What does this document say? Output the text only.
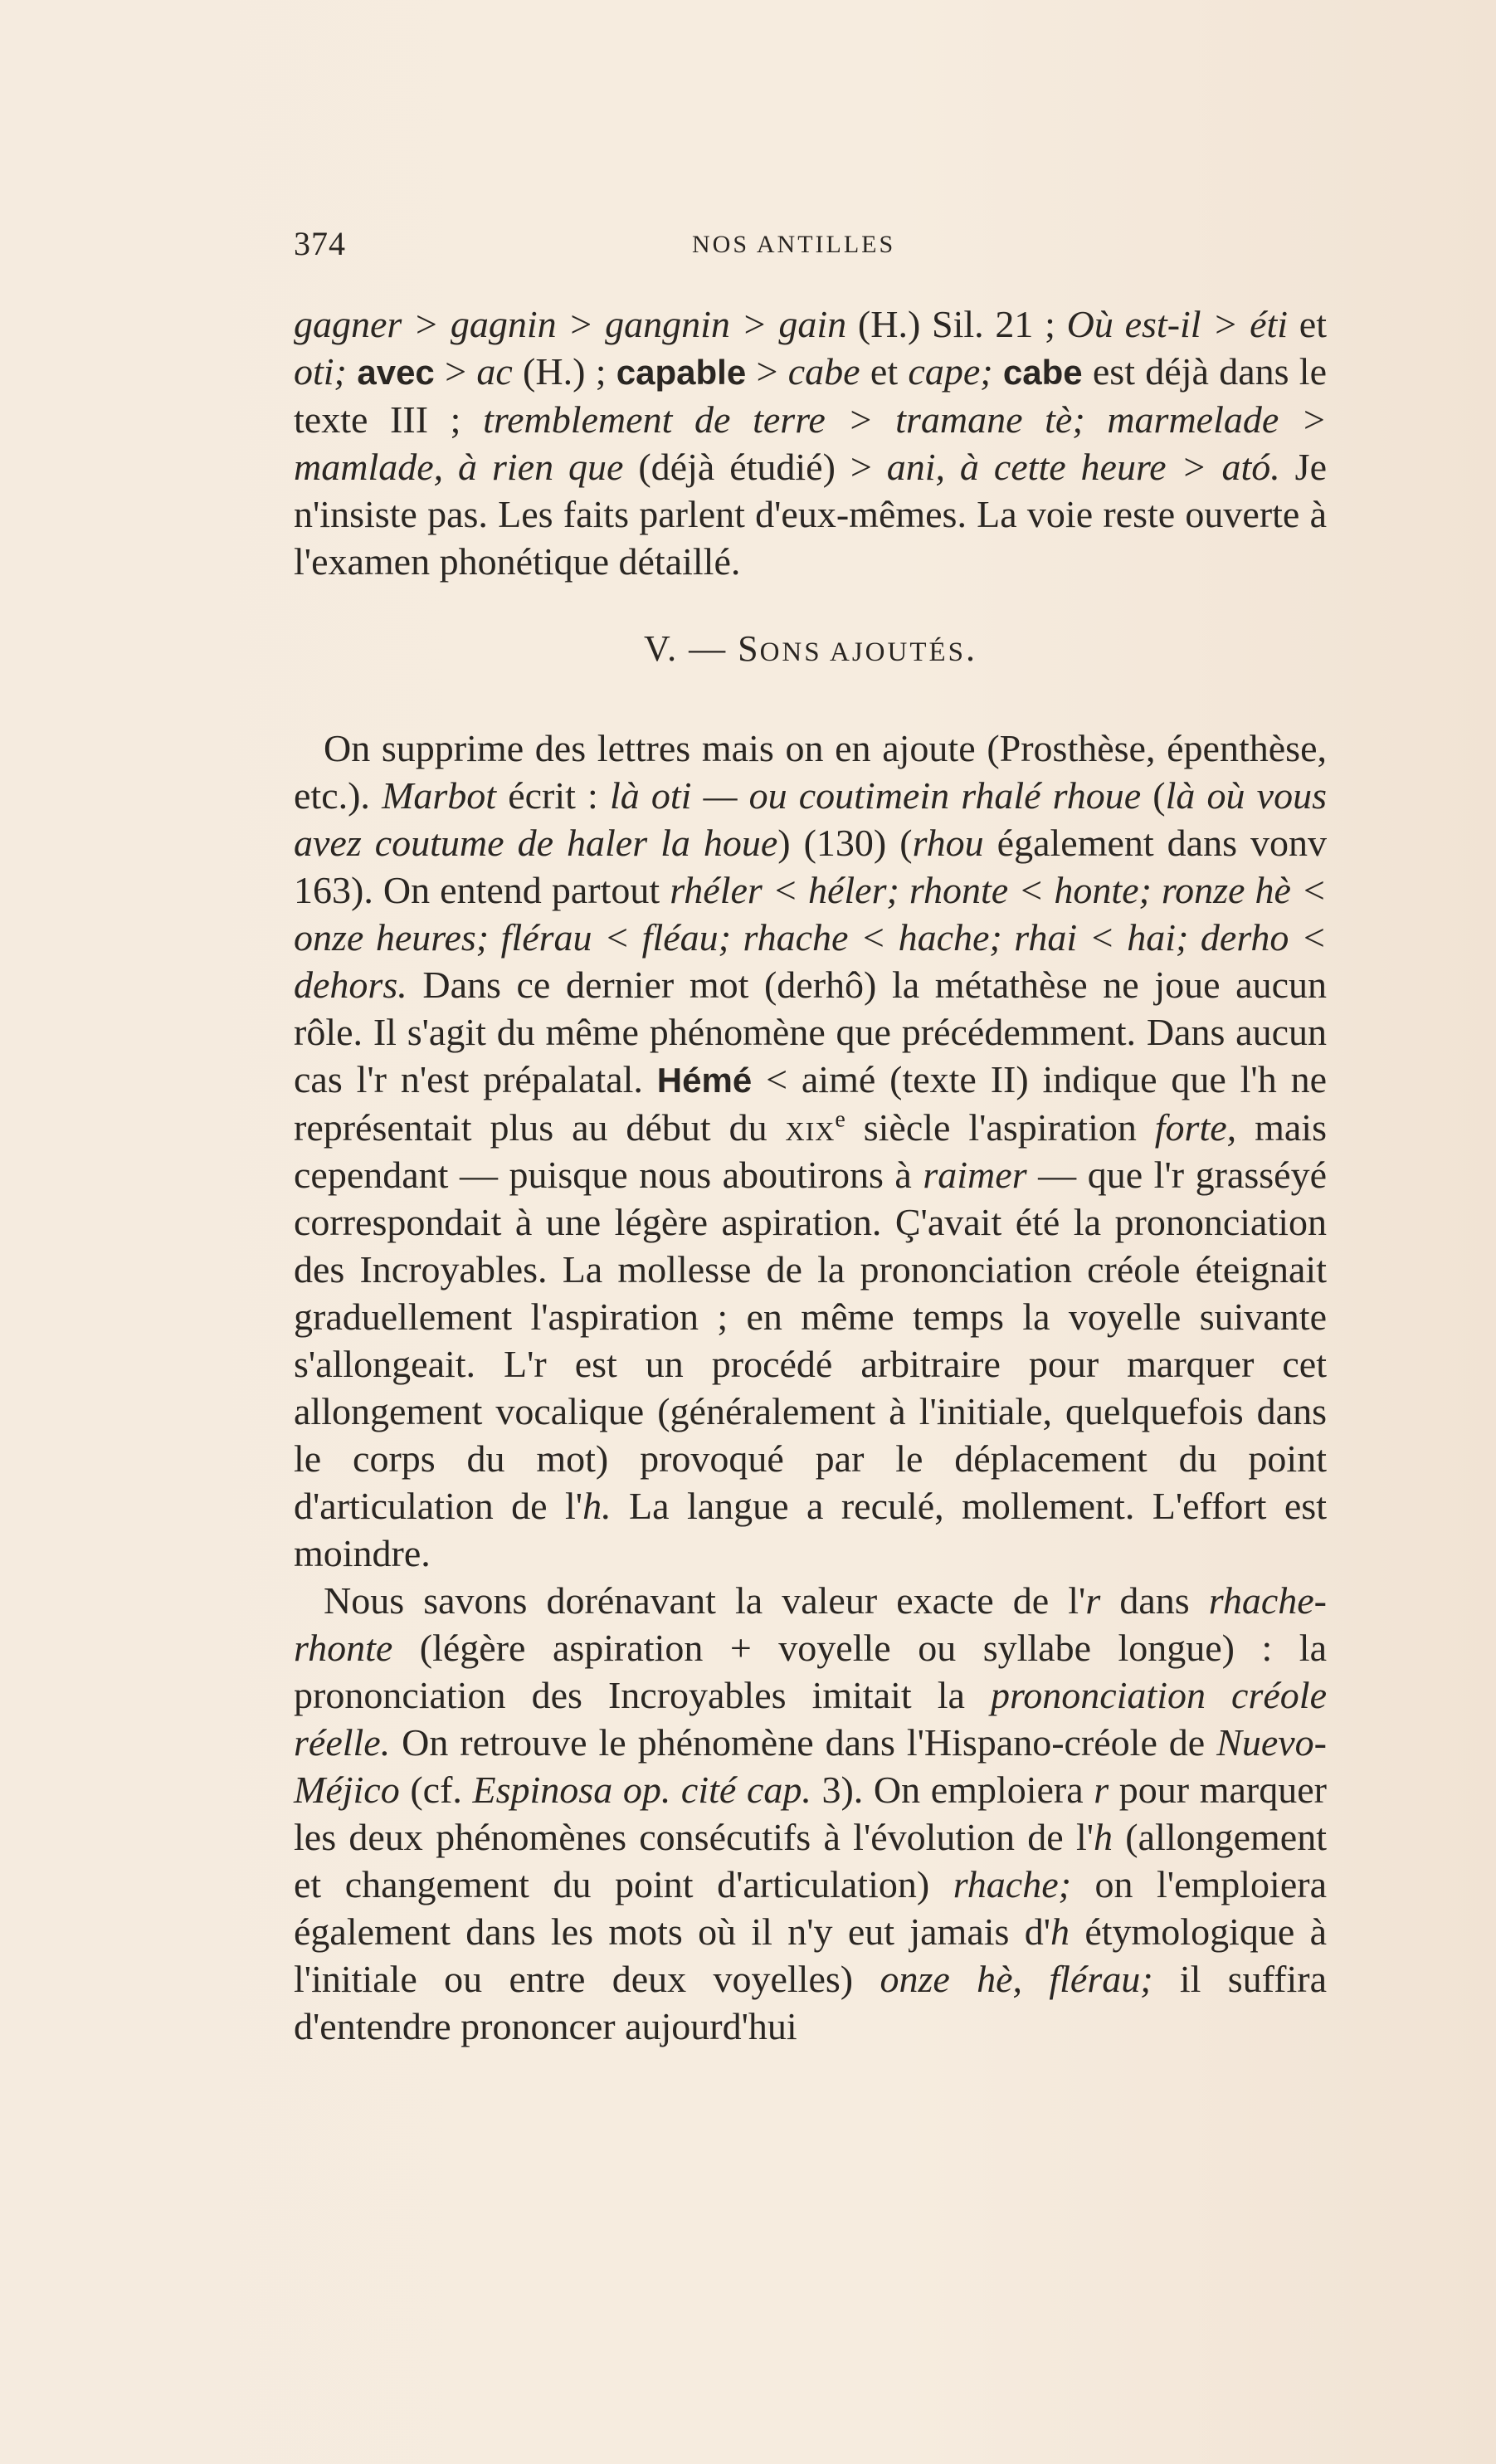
374	NOS ANTILLES

gagner > gagnin > gangnin > gain (H.) Sil. 21 ; Où est-il > éti et oti; avec > ac (H.) ; capable > cabe et cape; cabe est déjà dans le texte III ; tremblement de terre > tramane tè; marmelade > mamlade, à rien que (déjà étudié) > ani, à cette heure > ató. Je n'insiste pas. Les faits parlent d'eux-mêmes. La voie reste ouverte à l'examen phonétique détaillé.

V. — SONS AJOUTÉS.

On supprime des lettres mais on en ajoute (Prosthèse, épenthèse, etc.). Marbot écrit : là oti — ou coutimein rhalé rhoue (là où vous avez coutume de haler la houe) (130) (rhou également dans vonv 163). On entend partout rhéler < héler; rhonte < honte; ronze hè < onze heures; flérau < fléau; rhache < hache; rhai < hai; derho < dehors. Dans ce dernier mot (derhô) la métathèse ne joue aucun rôle. Il s'agit du même phénomène que précédemment. Dans aucun cas l'r n'est prépalatal. Hémé < aimé (texte II) indique que l'h ne représentait plus au début du xix$^e$ siècle l'aspiration forte, mais cependant — puisque nous aboutirons à raimer — que l'r grasséyé correspondait à une légère aspiration. Ç'avait été la prononciation des Incroyables. La mollesse de la prononciation créole éteignait graduellement l'aspiration ; en même temps la voyelle suivante s'allongeait. L'r est un procédé arbitraire pour marquer cet allongement vocalique (généralement à l'initiale, quelquefois dans le corps du mot) provoqué par le déplacement du point d'articulation de l'h. La langue a reculé, mollement. L'effort est moindre.

Nous savons dorénavant la valeur exacte de l'r dans rhache-rhonte (légère aspiration + voyelle ou syllabe longue) : la prononciation des Incroyables imitait la prononciation créole réelle. On retrouve le phénomène dans l'Hispano-créole de Nuevo-Méjico (cf. Espinosa op. cité cap. 3). On emploiera r pour marquer les deux phénomènes consécutifs à l'évolution de l'h (allongement et changement du point d'articulation) rhache; on l'emploiera également dans les mots où il n'y eut jamais d'h étymologique à l'initiale ou entre deux voyelles) onze hè, flérau; il suffira d'entendre prononcer aujourd'hui
